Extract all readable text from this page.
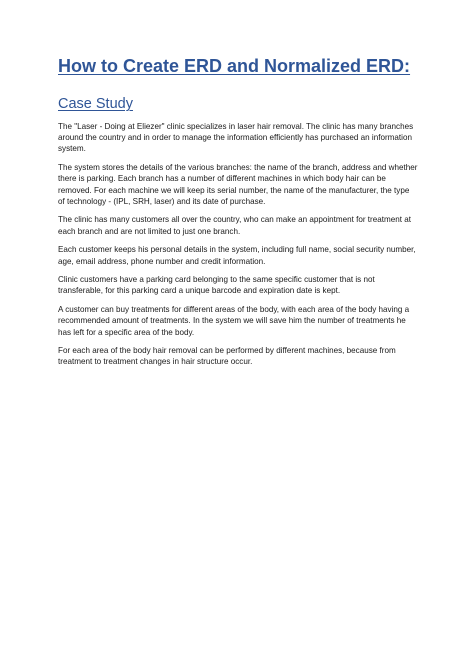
How to Create ERD and Normalized ERD:
Case Study

The "Laser - Doing at Eliezer" clinic specializes in laser hair removal. The clinic has many branches
around the country and in order to manage the information efficiently has purchased an information
system.

The system stores the details of the various branches: the name of the branch, address and whether
there is parking. Each branch has a number of different machines in which body hair can be
removed. For each machine we will keep its serial number, the name of the manufacturer, the type
of technology - (IPL, SRH, laser) and its date of purchase.

The clinic has many customers all over the country, who can make an appointment for treatment at
each branch and are not limited to just one branch.

Each customer keeps his personal details in the system, including full name, social security number,
age, email address, phone number and credit information.

Clinic customers have a parking card belonging to the same specific customer that is not
transferable, for this parking card a unique barcode and expiration date is kept.

A customer can buy treatments for different areas of the body, with each area of the body having a
recommended amount of treatments. In the system we will save him the number of treatments he
has left for a specific area of the body.

For each area of the body hair removal can be performed by different machines, because from
treatment to treatment changes in hair structure occur.
